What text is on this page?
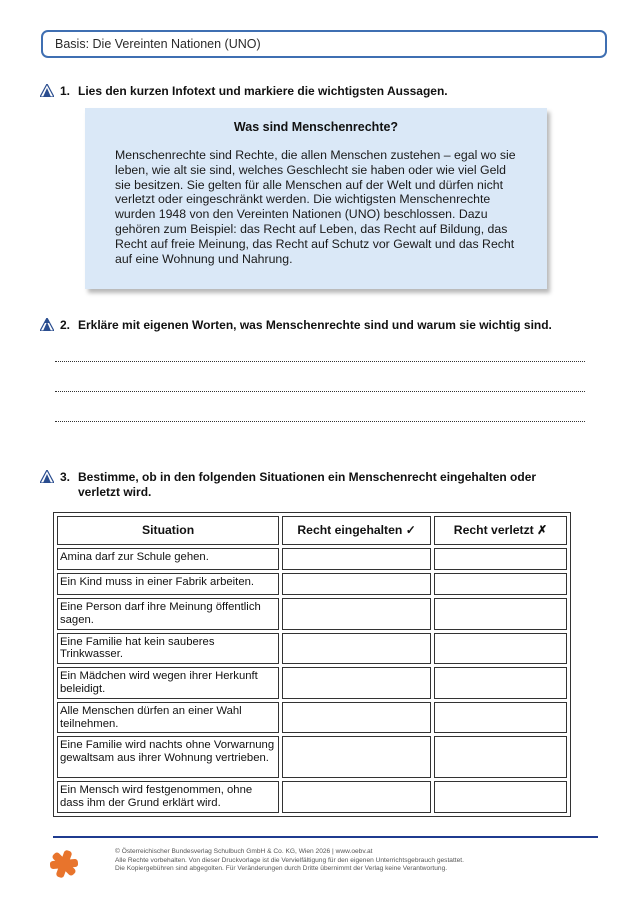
Basis: Die Vereinten Nationen (UNO)
1. Lies den kurzen Infotext und markiere die wichtigsten Aussagen.
Was sind Menschenrechte?

Menschenrechte sind Rechte, die allen Menschen zustehen – egal wo sie leben, wie alt sie sind, welches Geschlecht sie haben oder wie viel Geld sie besitzen. Sie gelten für alle Menschen auf der Welt und dürfen nicht verletzt oder eingeschränkt werden. Die wichtigsten Menschenrechte wurden 1948 von den Vereinten Nationen (UNO) beschlossen. Dazu gehören zum Beispiel: das Recht auf Leben, das Recht auf Bildung, das Recht auf freie Meinung, das Recht auf Schutz vor Gewalt und das Recht auf eine Wohnung und Nahrung.

2. Erkläre mit eigenen Worten, was Menschenrechte sind und warum sie wichtig sind.
3. Bestimme, ob in den folgenden Situationen ein Menschenrecht eingehalten oder verletzt wird.
Situation	Recht eingehalten ✓	Recht verletzt ✗
Amina darf zur Schule gehen.		
Ein Kind muss in einer Fabrik arbeiten.		
Eine Person darf ihre Meinung öffentlich sagen.		
Eine Familie hat kein sauberes Trinkwasser.		
Ein Mädchen wird wegen ihrer Herkunft beleidigt.		
Alle Menschen dürfen an einer Wahl teilnehmen.		
Eine Familie wird nachts ohne Vorwarnung gewaltsam aus ihrer Wohnung vertrieben.		
Ein Mensch wird festgenommen, ohne dass ihm der Grund erklärt wird.		
© Österreichischer Bundesverlag Schulbuch GmbH & Co. KG, Wien 2026 | www.oebv.at
Alle Rechte vorbehalten. Von dieser Druckvorlage ist die Vervielfältigung für den eigenen Unterrichtsgebrauch gestattet.
Die Kopiergebühren sind abgegolten. Für Veränderungen durch Dritte übernimmt der Verlag keine Verantwortung.
